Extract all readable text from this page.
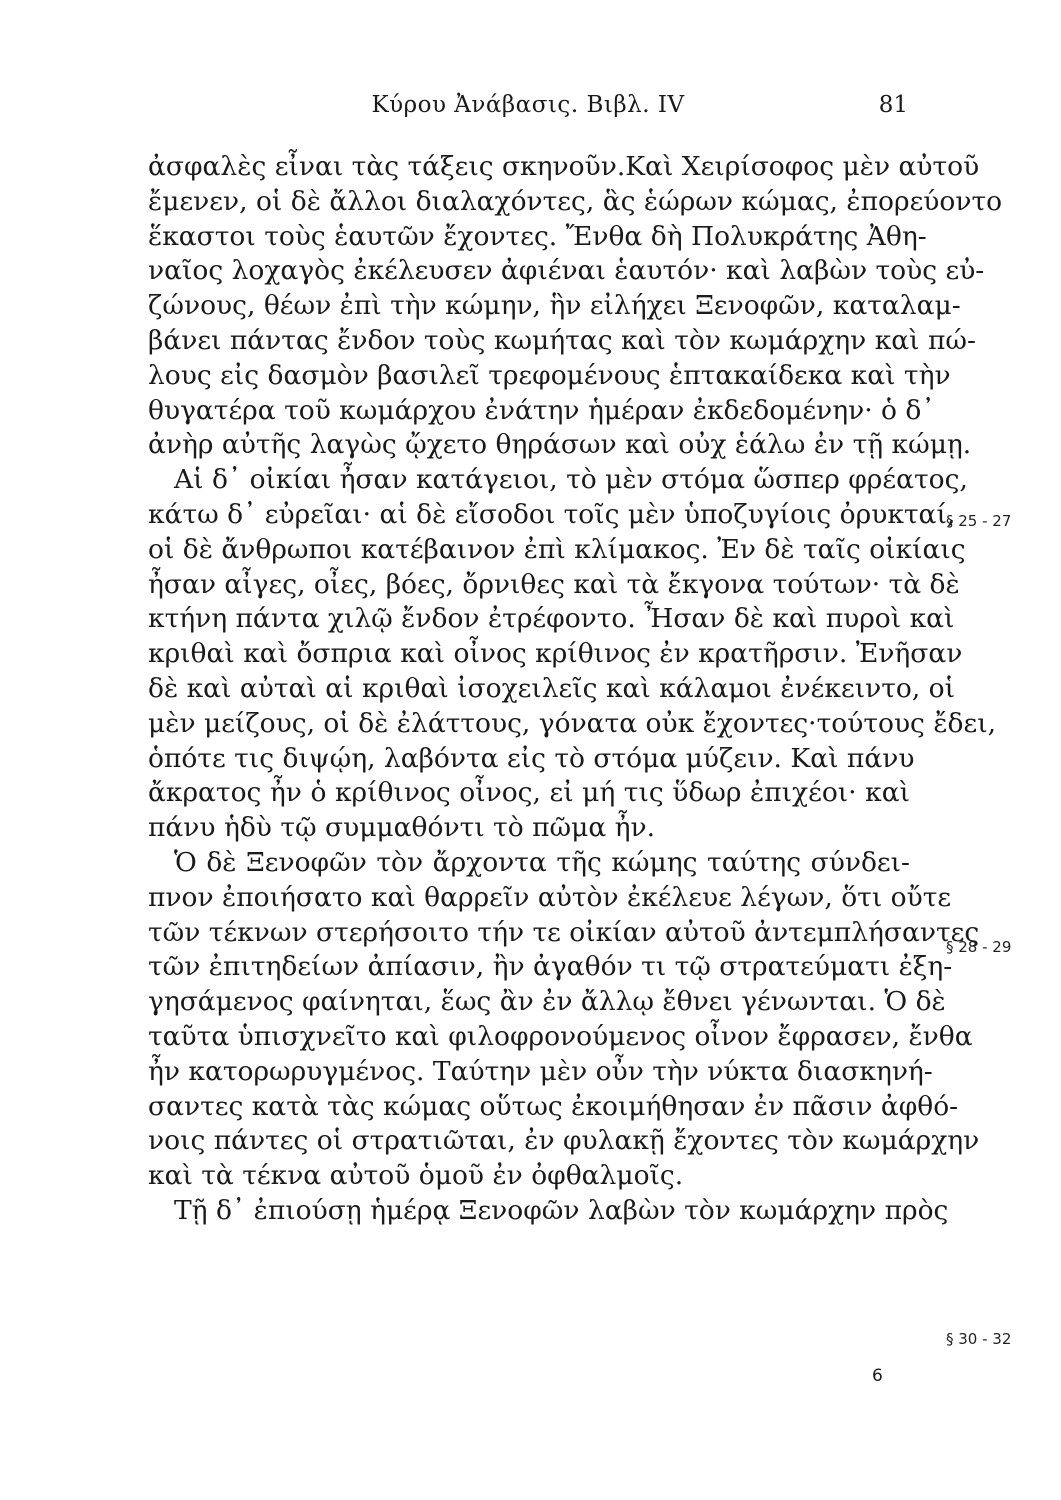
Κύρου Ἀνάβασις. Βιβλ. IV	81
ἀσφαλὲς εἶναι τὰς τάξεις σκηνοῦν.Καὶ Χειρίσοφος μὲν αὐτοῦ
ἔμενεν, οἱ δὲ ἄλλοι διαλαχόντες, ἃς ἑώρων κώμας, ἐπορεύοντο
ἕκαστοι τοὺς ἑαυτῶν ἔχοντες. Ἔνθα δὴ Πολυκράτης Ἀθη-
ναῖος λοχαγὸς ἐκέλευσεν ἀφιέναι ἑαυτόν· καὶ λαβὼν τοὺς εὐ-
ζώνους, θέων ἐπὶ τὴν κώμην, ἣν εἰλήχει Ξενοφῶν, καταλαμ-
βάνει πάντας ἔνδον τοὺς κωμήτας καὶ τὸν κωμάρχην καὶ πώ-
λους εἰς δασμὸν βασιλεῖ τρεφομένους ἑπτακαίδεκα καὶ τὴν
θυγατέρα τοῦ κωμάρχου ἐνάτην ἡμέραν ἐκδεδομένην· ὁ δ᾽
ἀνὴρ αὐτῆς λαγὼς ᾤχετο θηράσων καὶ οὐχ ἑάλω ἐν τῇ κώμῃ.
Αἱ δ᾽ οἰκίαι ἦσαν κατάγειοι, τὸ μὲν στόμα ὥσπερ φρέατος,
κάτω δ᾽ εὐρεῖαι· αἱ δὲ εἴσοδοι τοῖς μὲν ὑποζυγίοις ὀρυκταί,
οἱ δὲ ἄνθρωποι κατέβαινον ἐπὶ κλίμακος. Ἐν δὲ ταῖς οἰκίαις
ἦσαν αἶγες, οἶες, βόες, ὄρνιθες καὶ τὰ ἔκγονα τούτων· τὰ δὲ
κτήνη πάντα χιλῷ ἔνδον ἐτρέφοντο. Ἦσαν δὲ καὶ πυροὶ καὶ
κριθαὶ καὶ ὄσπρια καὶ οἶνος κρίθινος ἐν κρατῆρσιν. Ἐνῆσαν
δὲ καὶ αὐταὶ αἱ κριθαὶ ἰσοχειλεῖς καὶ κάλαμοι ἐνέκειντο, οἱ
μὲν μείζους, οἱ δὲ ἐλάττους, γόνατα οὐκ ἔχοντες·τούτους ἔδει,
ὁπότε τις διψῴη, λαβόντα εἰς τὸ στόμα μύζειν. Καὶ πάνυ
ἄκρατος ἦν ὁ κρίθινος οἶνος, εἰ μή τις ὕδωρ ἐπιχέοι· καὶ
πάνυ ἡδὺ τῷ συμμαθόντι τὸ πῶμα ἦν.
Ὁ δὲ Ξενοφῶν τὸν ἄρχοντα τῆς κώμης ταύτης σύνδει-
πνον ἐποιήσατο καὶ θαρρεῖν αὐτὸν ἐκέλευε λέγων, ὅτι οὔτε
τῶν τέκνων στερήσοιτο τήν τε οἰκίαν αὐτοῦ ἀντεμπλήσαντες
τῶν ἐπιτηδείων ἀπίασιν, ἢν ἀγαθόν τι τῷ στρατεύματι ἐξη-
γησάμενος φαίνηται, ἕως ἂν ἐν ἄλλῳ ἔθνει γένωνται. Ὁ δὲ
ταῦτα ὑπισχνεῖτο καὶ φιλοφρονούμενος οἶνον ἔφρασεν, ἔνθα
ἦν κατορωρυγμένος. Ταύτην μὲν οὖν τὴν νύκτα διασκηνή-
σαντες κατὰ τὰς κώμας οὕτως ἐκοιμήθησαν ἐν πᾶσιν ἀφθό-
νοις πάντες οἱ στρατιῶται, ἐν φυλακῇ ἔχοντες τὸν κωμάρχην
καὶ τὰ τέκνα αὐτοῦ ὁμοῦ ἐν ὀφθαλμοῖς.
Τῇ δ᾽ ἐπιούσῃ ἡμέρᾳ Ξενοφῶν λαβὼν τὸν κωμάρχην πρὸς
§ 25 - 27
§ 28 - 29
§ 30 - 32
6
